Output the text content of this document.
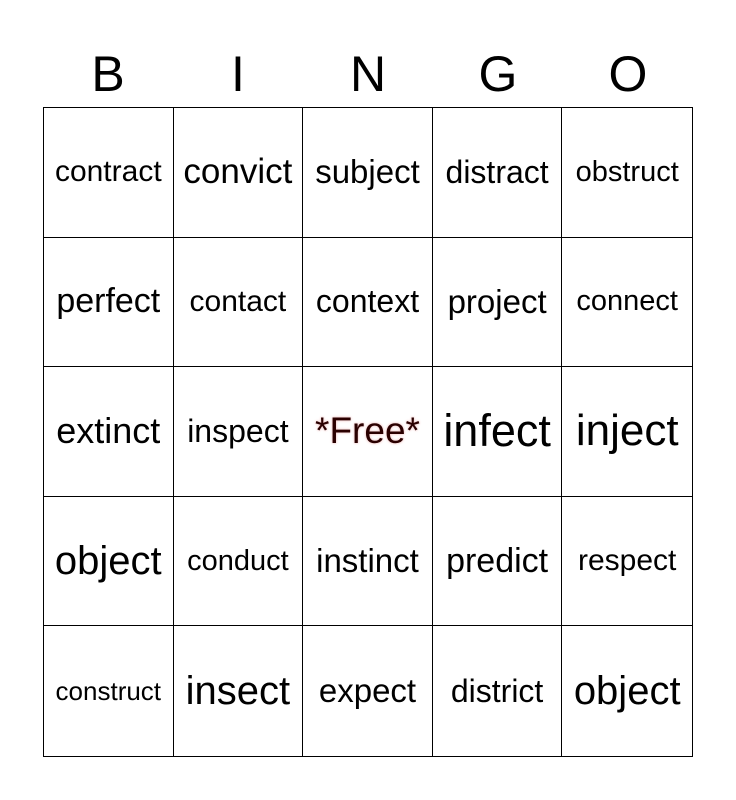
B	I	N	G	O
contract convict subject distract obstruct
perfect contact context project	connect
extinct inspect *Free* infect inject
object conduct instinct predict respect
construct insect expect	district object
